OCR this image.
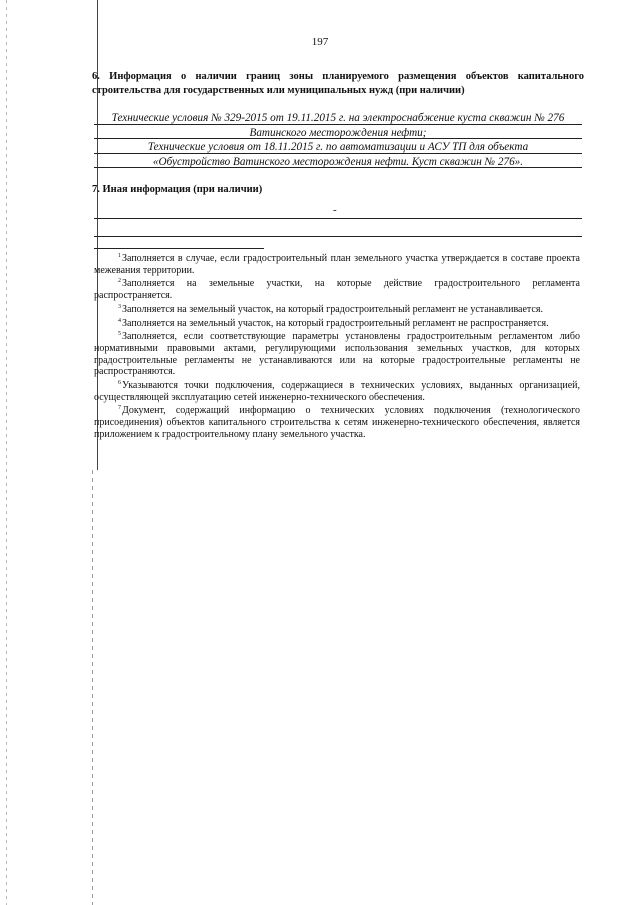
197
6. Информация о наличии границ зоны планируемого размещения объектов капитального строительства для государственных или муниципальных нужд (при наличии)
Технические условия № 329-2015 от 19.11.2015 г. на электроснабжение куста скважин № 276
Ватинского месторождения нефти;
Технические условия от 18.11.2015 г. по автоматизации и АСУ ТП для объекта
«Обустройство Ватинского месторождения нефти. Куст скважин № 276».
7. Иная информация (при наличии)
-

$^1$Заполняется в случае, если градостроительный план земельного участка утверждается в составе проекта межевания территории.

$^2$Заполняется на земельные участки, на которые действие градостроительного регламента распространяется.

$^3$Заполняется на земельный участок, на который градостроительный регламент не устанавливается.

$^4$Заполняется на земельный участок, на который градостроительный регламент не распространяется.

$^5$Заполняется, если соответствующие параметры установлены градостроительным регламентом либо нормативными правовыми актами, регулирующими использования земельных участков, для которых градостроительные регламенты не устанавливаются или на которые градостроительные регламенты не распространяются.

$^6$Указываются точки подключения, содержащиеся в технических условиях, выданных организацией, осуществляющей эксплуатацию сетей инженерно-технического обеспечения.

$^7$Документ, содержащий информацию о технических условиях подключения (технологического присоединения) объектов капитального строительства к сетям инженерно-технического обеспечения, является приложением к градостроительному плану земельного участка.
